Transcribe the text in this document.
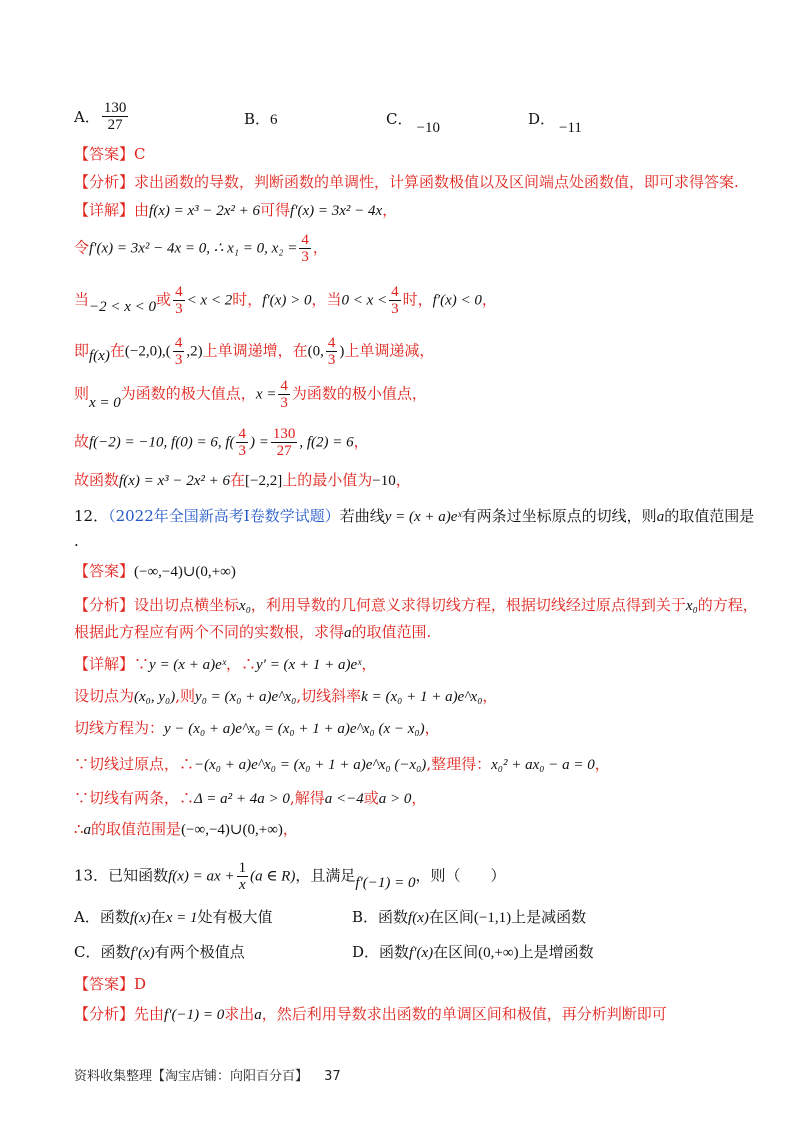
A． $\frac{130}{27}$	B．6	C． −10	D． −11
【答案】C
【分析】求出函数的导数，判断函数的单调性，计算函数极值以及区间端点处函数值，即可求得答案.
【详解】由f(x) = x³ − 2x² + 6可得f′(x) = 3x² − 4x，
令f′(x) = 3x² − 4x = 0, ∴ x₁ = 0, $x_2 = \frac{4}{3}$ ，
当−2 < x < 0或 $\frac{4}{3} < x < 2$时，f′(x) > 0，当$0 < x < \frac{4}{3}$ 时，f′(x) < 0，
即f(x)在$(-2,0),( \frac{4}{3} ,2)$上单调递增，在(0, $\frac{4}{3}$ )上单调递减，
则x = 0为函数的极大值点，$x = \frac{4}{3}$ 为函数的极小值点，
故f(−2) = −10, f(0) = 6, $f( \frac{4}{3}$ ) = $\frac{130}{27}$ , f(2) = 6，
故函数f(x) = x³ − 2x² + 6在[−2,2]上的最小值为−10，
12．（2022年全国新高考I卷数学试题）若曲线y = (x + a)eˣ有两条过坐标原点的切线，则a的取值范围是
.
【答案】(−∞,−4)∪(0,+∞)
【分析】设出切点横坐标x₀，利用导数的几何意义求得切线方程，根据切线经过原点得到关于x₀的方程，
根据此方程应有两个不同的实数根，求得a的取值范围.
【详解】∵y = (x + a)eˣ，∴y′ = (x + 1 + a)eˣ，
设切点为(x₀, y₀),则y₀ = (x₀ + a)e^x₀,切线斜率k = (x₀ + 1 + a)e^x₀，
切线方程为：y − (x₀ + a)e^x₀ = (x₀ + 1 + a)e^x₀ (x − x₀)，
∵切线过原点，∴−(x₀ + a)e^x₀ = (x₀ + 1 + a)e^x₀ (−x₀),整理得：x₀² + ax₀ − a = 0，
∵切线有两条，∴Δ = a² + 4a > 0,解得a <−4或a > 0，
∴a的取值范围是(−∞,−4)∪(0,+∞)，
13．已知函数f(x) = ax + $\frac{1}{x} (a$ ∈ R)，且满足f′(−1) = 0，则（　　）
A．函数f(x)在x = 1处有极大值	B．函数f(x)在区间(−1,1)上是减函数
C．函数f′(x)有两个极值点	D．函数f′(x)在区间(0,+∞)上是增函数
【答案】D
【分析】先由f′(−1) = 0求出a，然后利用导数求出函数的单调区间和极值，再分析判断即可
资料收集整理【淘宝店铺：向阳百分百】 37
